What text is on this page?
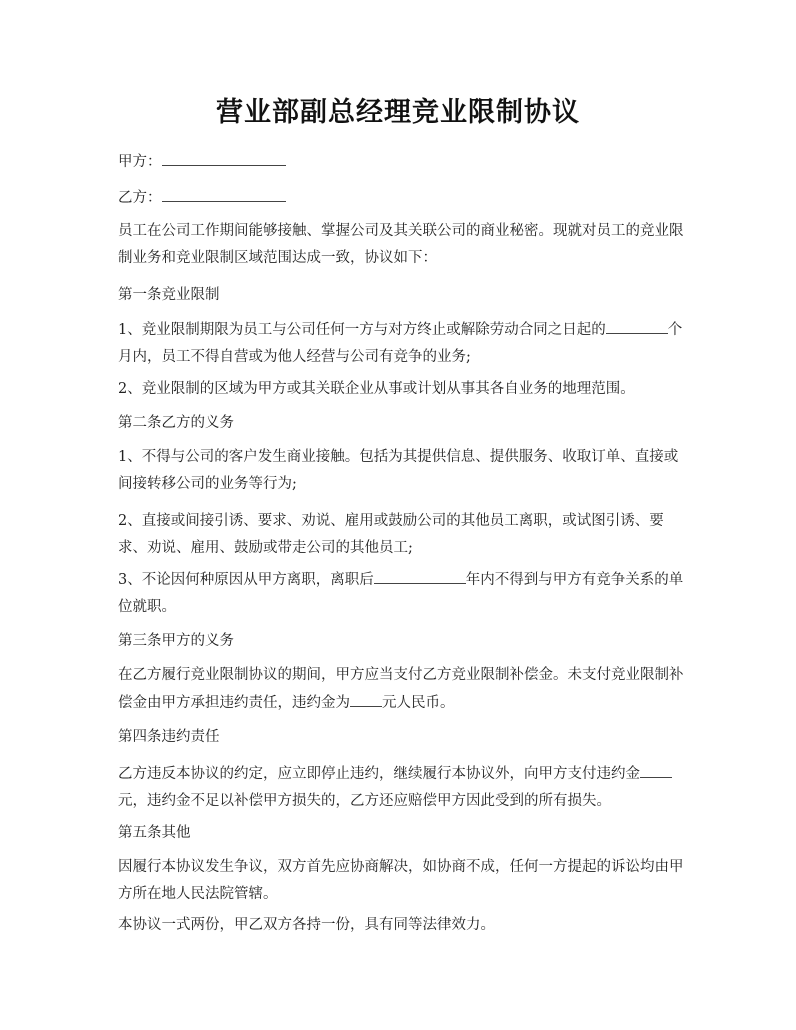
营业部副总经理竞业限制协议
甲方：
乙方：
员工在公司工作期间能够接触、掌握公司及其关联公司的商业秘密。现就对员工的竞业限制业务和竞业限制区域范围达成一致，协议如下：
第一条竞业限制
1、竞业限制期限为员工与公司任何一方与对方终止或解除劳动合同之日起的	个月内，员工不得自营或为他人经营与公司有竞争的业务;
2、竞业限制的区域为甲方或其关联企业从事或计划从事其各自业务的地理范围。
第二条乙方的义务
1、不得与公司的客户发生商业接触。包括为其提供信息、提供服务、收取订单、直接或间接转移公司的业务等行为;
2、直接或间接引诱、要求、劝说、雇用或鼓励公司的其他员工离职，或试图引诱、要求、劝说、雇用、鼓励或带走公司的其他员工;
3、不论因何种原因从甲方离职，离职后	年内不得到与甲方有竞争关系的单位就职。
第三条甲方的义务
在乙方履行竞业限制协议的期间，甲方应当支付乙方竞业限制补偿金。未支付竞业限制补偿金由甲方承担违约责任，违约金为 元人民币。
第四条违约责任
乙方违反本协议的约定，应立即停止违约，继续履行本协议外，向甲方支付违约金元，违约金不足以补偿甲方损失的，乙方还应赔偿甲方因此受到的所有损失。
第五条其他
因履行本协议发生争议，双方首先应协商解决，如协商不成，任何一方提起的诉讼均由甲方所在地人民法院管辖。
本协议一式两份，甲乙双方各持一份，具有同等法律效力。
